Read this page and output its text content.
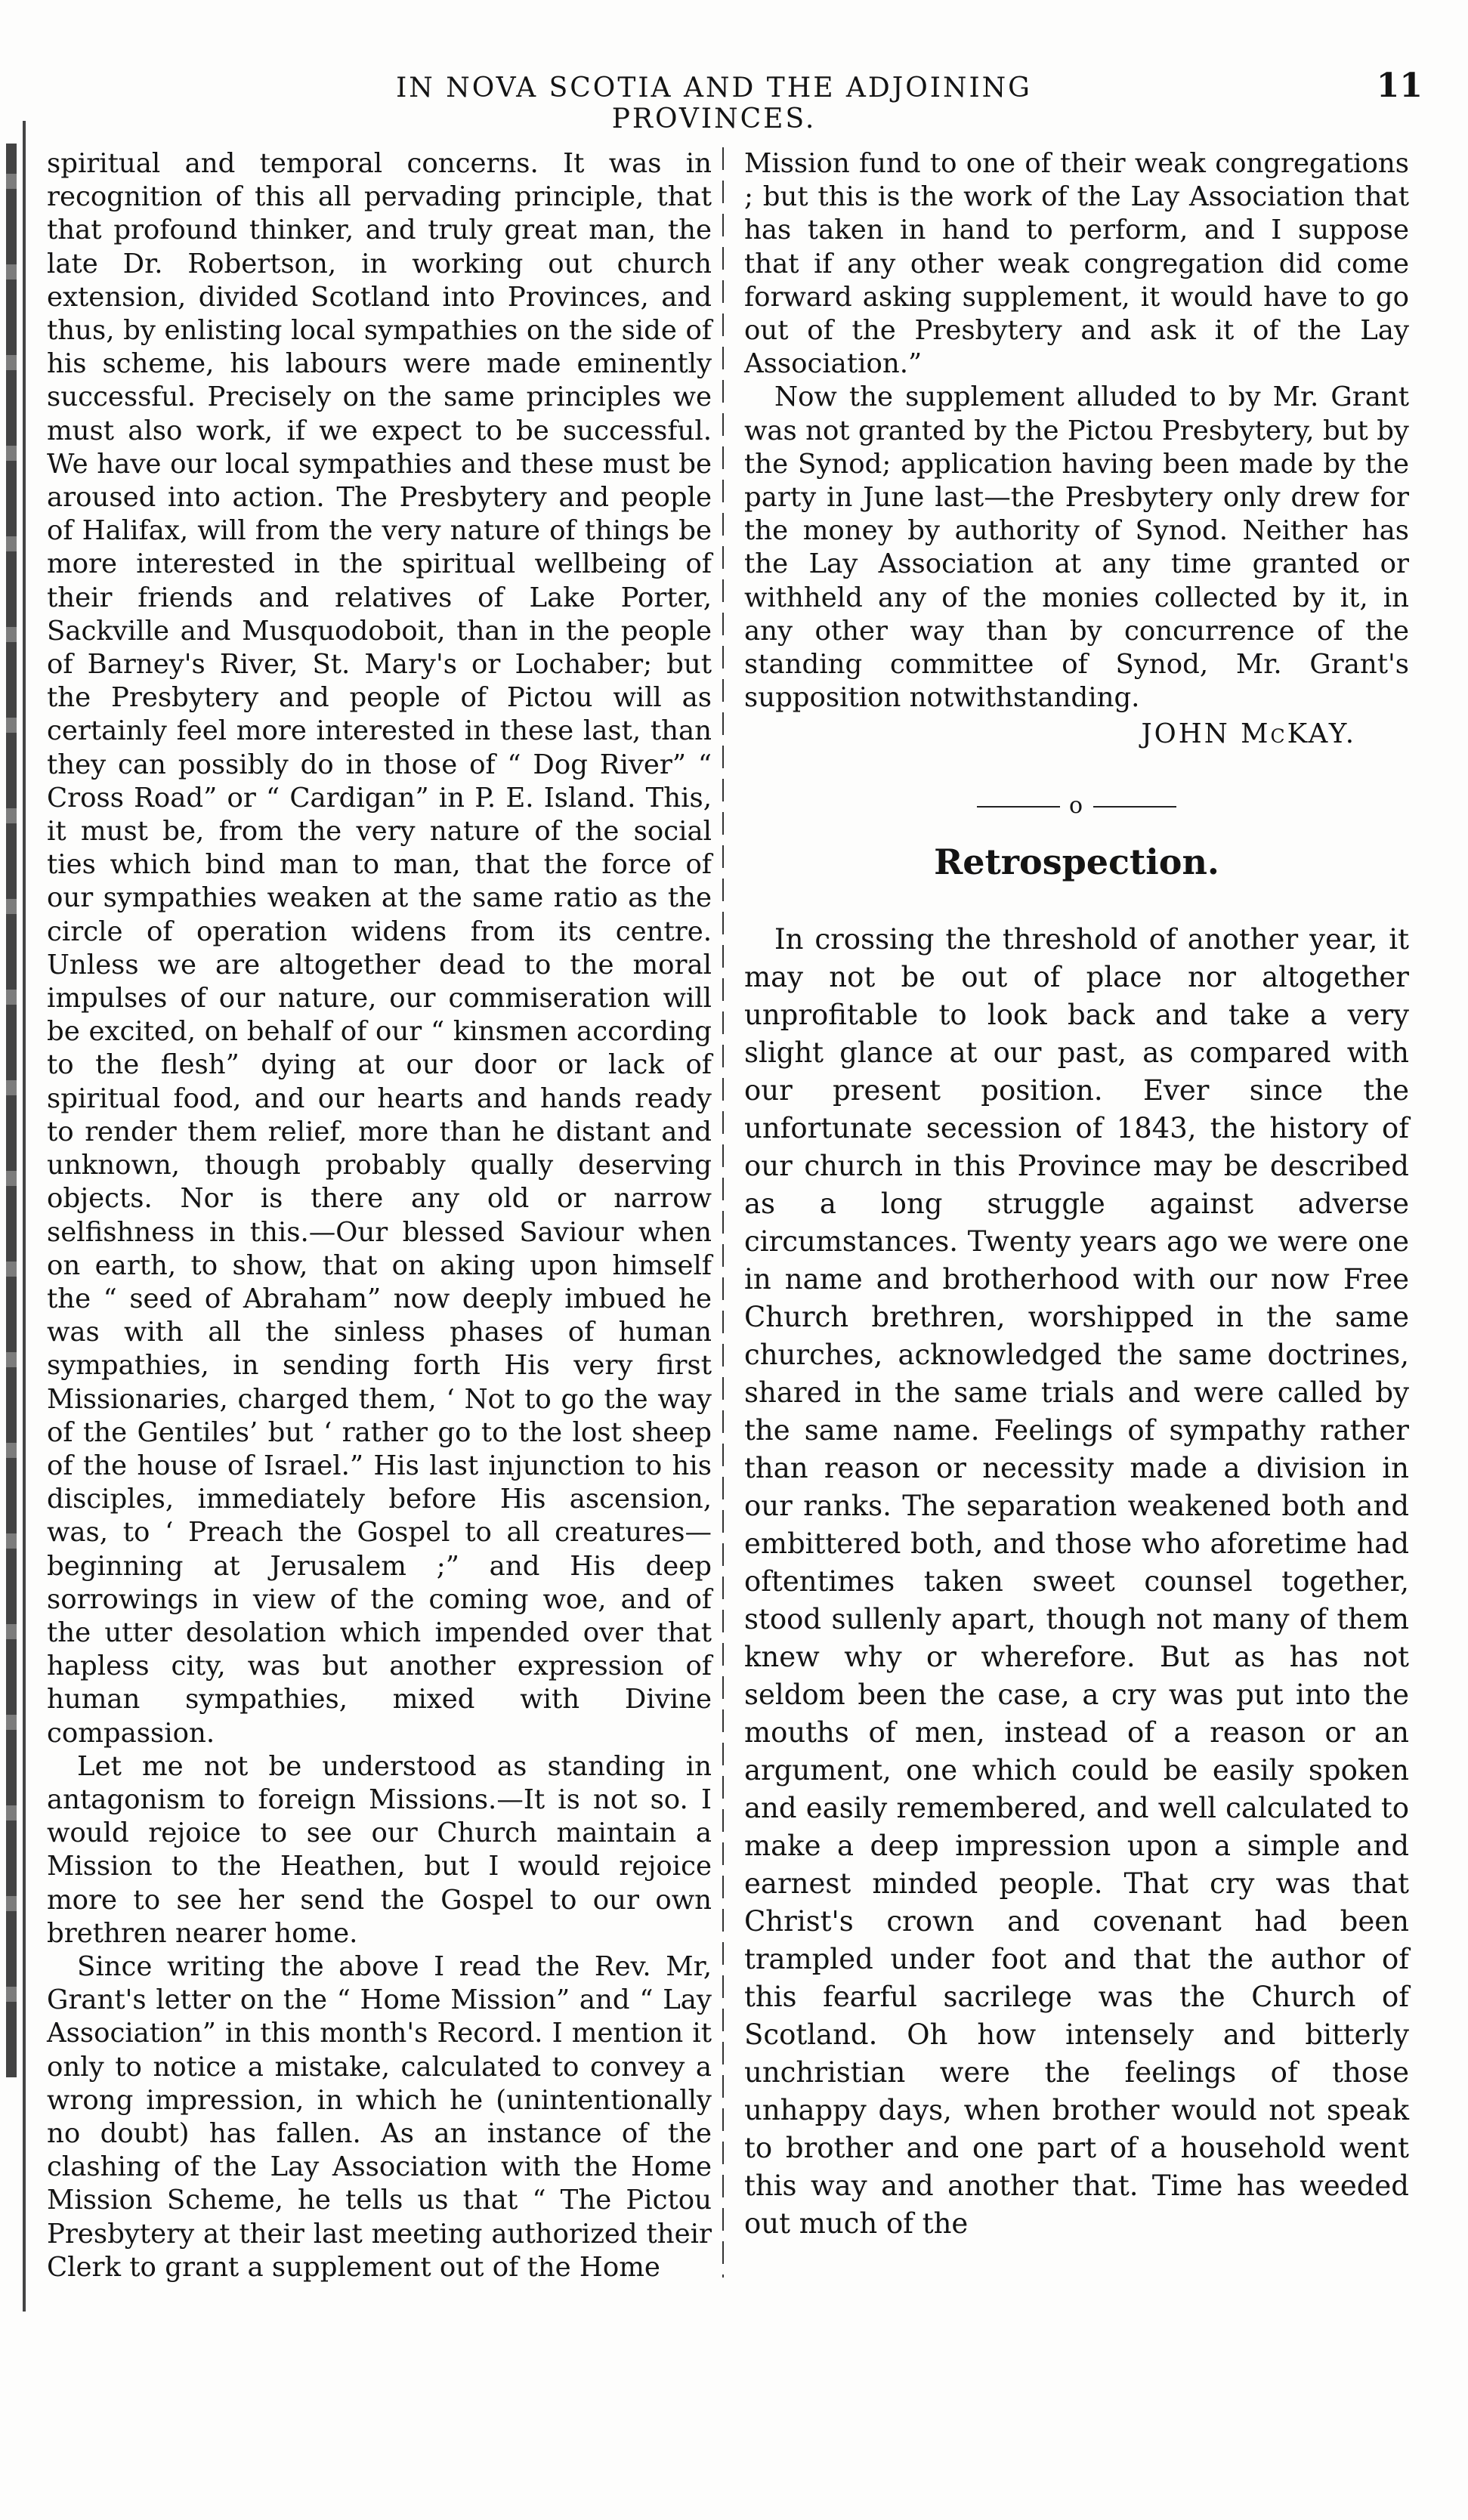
IN NOVA SCOTIA AND THE ADJOINING PROVINCES.
11

spiritual and temporal concerns. It was in recognition of this all pervading principle, that that profound thinker, and truly great man, the late Dr. Robertson, in working out church extension, divided Scotland into Provinces, and thus, by enlisting local sympathies on the side of his scheme, his labours were made eminently successful. Precisely on the same principles we must also work, if we expect to be successful. We have our local sympathies and these must be aroused into action. The Presbytery and people of Halifax, will from the very nature of things be more interested in the spiritual wellbeing of their friends and relatives of Lake Porter, Sackville and Musquodoboit, than in the people of Barney's River, St. Mary's or Lochaber; but the Presbytery and people of Pictou will as certainly feel more interested in these last, than they can possibly do in those of “ Dog River” “ Cross Road” or “ Cardigan” in P. E. Island. This, it must be, from the very nature of the social ties which bind man to man, that the force of our sympathies weaken at the same ratio as the circle of operation widens from its centre. Unless we are altogether dead to the moral impulses of our nature, our commiseration will be excited, on behalf of our “ kinsmen according to the flesh” dying at our door or lack of spiritual food, and our hearts and hands ready to render them relief, more than he distant and unknown, though probably qually deserving objects. Nor is there any old or narrow selfishness in this.—Our blessed Saviour when on earth, to show, that on aking upon himself the “ seed of Abraham” now deeply imbued he was with all the sinless phases of human sympathies, in sending forth His very first Missionaries, charged them, ‘ Not to go the way of the Gentiles’ but ‘ rather go to the lost sheep of the house of Israel.” His last injunction to his disciples, immediately before His ascension, was, to ‘ Preach the Gospel to all creatures—beginning at Jerusalem ;” and His deep sorrowings in view of the coming woe, and of the utter desolation which impended over that hapless city, was but another expression of human sympathies, mixed with Divine compassion.

Let me not be understood as standing in antagonism to foreign Missions.—It is not so. I would rejoice to see our Church maintain a Mission to the Heathen, but I would rejoice more to see her send the Gospel to our own brethren nearer home.

Since writing the above I read the Rev. Mr, Grant's letter on the “ Home Mission” and “ Lay Association” in this month's Record. I mention it only to notice a mistake, calculated to convey a wrong impression, in which he (unintentionally no doubt) has fallen. As an instance of the clashing of the Lay Association with the Home Mission Scheme, he tells us that “ The Pictou Presbytery at their last meeting authorized their Clerk to grant a supplement out of the Home

Mission fund to one of their weak congregations ; but this is the work of the Lay Association that has taken in hand to perform, and I suppose that if any other weak congregation did come forward asking supplement, it would have to go out of the Presbytery and ask it of the Lay Association.”

Now the supplement alluded to by Mr. Grant was not granted by the Pictou Presbytery, but by the Synod; application having been made by the party in June last—the Presbytery only drew for the money by authority of Synod. Neither has the Lay Association at any time granted or withheld any of the monies collected by it, in any other way than by concurrence of the standing committee of Synod, Mr. Grant's supposition notwithstanding.

JOHN McKAY.

o

Retrospection.

In crossing the threshold of another year, it may not be out of place nor altogether unprofitable to look back and take a very slight glance at our past, as compared with our present position. Ever since the unfortunate secession of 1843, the history of our church in this Province may be described as a long struggle against adverse circumstances. Twenty years ago we were one in name and brotherhood with our now Free Church brethren, worshipped in the same churches, acknowledged the same doctrines, shared in the same trials and were called by the same name. Feelings of sympathy rather than reason or necessity made a division in our ranks. The separation weakened both and embittered both, and those who aforetime had oftentimes taken sweet counsel together, stood sullenly apart, though not many of them knew why or wherefore. But as has not seldom been the case, a cry was put into the mouths of men, instead of a reason or an argument, one which could be easily spoken and easily remembered, and well calculated to make a deep impression upon a simple and earnest minded people. That cry was that Christ's crown and covenant had been trampled under foot and that the author of this fearful sacrilege was the Church of Scotland. Oh how intensely and bitterly unchristian were the feelings of those unhappy days, when brother would not speak to brother and one part of a household went this way and another that. Time has weeded out much of the
